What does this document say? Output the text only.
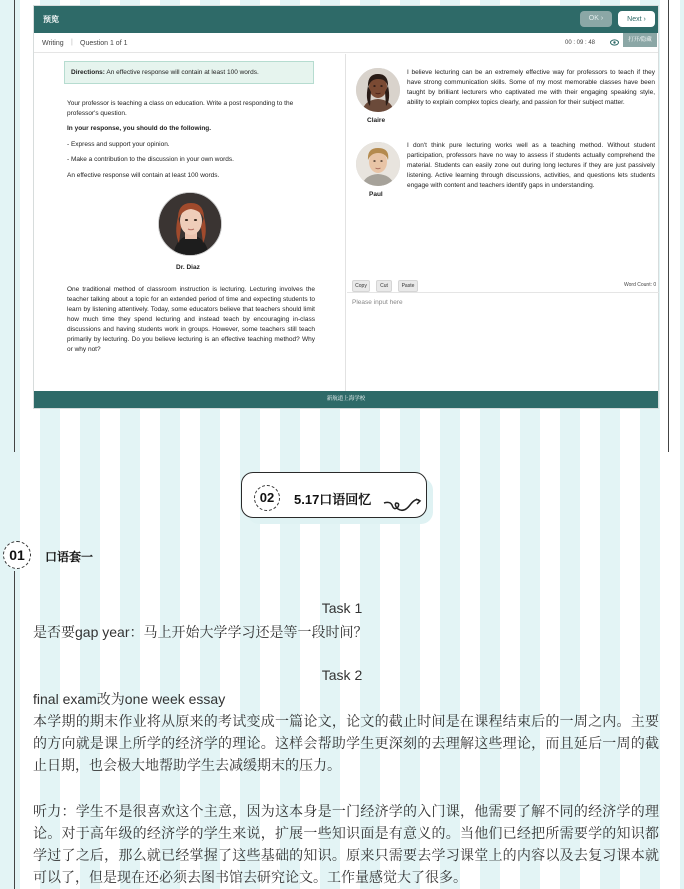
预览	OK ›	Next ›
Writing | Question 1 of 1	00 : 09 : 48	打开/隐藏
Directions: An effective response will contain at least 100 words.
Your professor is teaching a class on education. Write a post responding to the professor's question.
In your response, you should do the following.
- Express and support your opinion.
- Make a contribution to the discussion in your own words.
An effective response will contain at least 100 words.
Dr. Diaz
One traditional method of classroom instruction is lecturing. Lecturing involves the teacher talking about a topic for an extended period of time and expecting students to learn by listening attentively. Today, some educators believe that teachers should limit how much time they spend lecturing and instead teach by encouraging in-class discussions and having students work in groups. However, some teachers still teach primarily by lecturing. Do you believe lecturing is an effective teaching method? Why or why not?
Claire
I believe lecturing can be an extremely effective way for professors to teach if they have strong communication skills. Some of my most memorable classes have been taught by brilliant lecturers who captivated me with their engaging speaking style, ability to explain complex topics clearly, and passion for their subject matter.
Paul
I don't think pure lecturing works well as a teaching method. Without student participation, professors have no way to assess if students actually comprehend the material. Students can easily zone out during long lectures if they are just passively listening. Active learning through discussions, activities, and questions lets students engage with content and teachers identify gaps in understanding.
Copy	Cut	Paste	Word Count: 0
Please input here
新航道上海学校
02	5.17口语回忆
01	口语套一
Task 1
是否要gap year：马上开始大学学习还是等一段时间？
Task 2
final exam改为one week essay
本学期的期末作业将从原来的考试变成一篇论文，论文的截止时间是在课程结束后的一周之内。主要的方向就是课上所学的经济学的理论。这样会帮助学生更深刻的去理解这些理论，而且延后一周的截止日期，也会极大地帮助学生去减缓期末的压力。
听力：学生不是很喜欢这个主意，因为这本身是一门经济学的入门课，他需要了解不同的经济学的理论。对于高年级的经济学的学生来说，扩展一些知识面是有意义的。当他们已经把所需要学的知识都学过了之后，那么就已经掌握了这些基础的知识。原来只需要去学习课堂上的内容以及去复习课本就可以了，但是现在还必须去图书馆去研究论文。工作量感觉大了很多。
